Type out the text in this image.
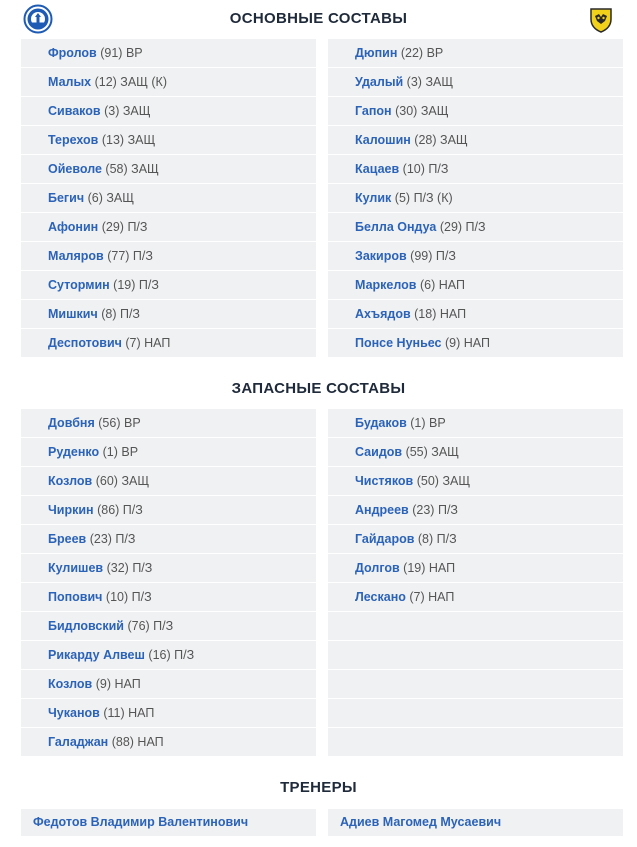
ОСНОВНЫЕ СОСТАВЫ
ЗАПАСНЫЕ СОСТАВЫ
ТРЕНЕРЫ
Фролов (91) ВР
Малых (12) ЗАЩ (К)
Сиваков (3) ЗАЩ
Терехов (13) ЗАЩ
Ойеволе (58) ЗАЩ
Бегич (6) ЗАЩ
Афонин (29) П/З
Маляров (77) П/З
Сутормин (19) П/З
Мишкич (8) П/З
Деспотович (7) НАП
Дюпин (22) ВР
Удалый (3) ЗАЩ
Гапон (30) ЗАЩ
Калошин (28) ЗАЩ
Кацаев (10) П/З
Кулик (5) П/З (К)
Белла Ондуа (29) П/З
Закиров (99) П/З
Маркелов (6) НАП
Ахъядов (18) НАП
Понсе Нуньес (9) НАП
Довбня (56) ВР
Руденко (1) ВР
Козлов (60) ЗАЩ
Чиркин (86) П/З
Бреев (23) П/З
Кулишев (32) П/З
Попович (10) П/З
Бидловский (76) П/З
Рикарду Алвеш (16) П/З
Козлов (9) НАП
Чуканов (11) НАП
Галаджан (88) НАП
Будаков (1) ВР
Саидов (55) ЗАЩ
Чистяков (50) ЗАЩ
Андреев (23) П/З
Гайдаров (8) П/З
Долгов (19) НАП
Лескано (7) НАП
Федотов Владимир Валентинович	Адиев Магомед Мусаевич
